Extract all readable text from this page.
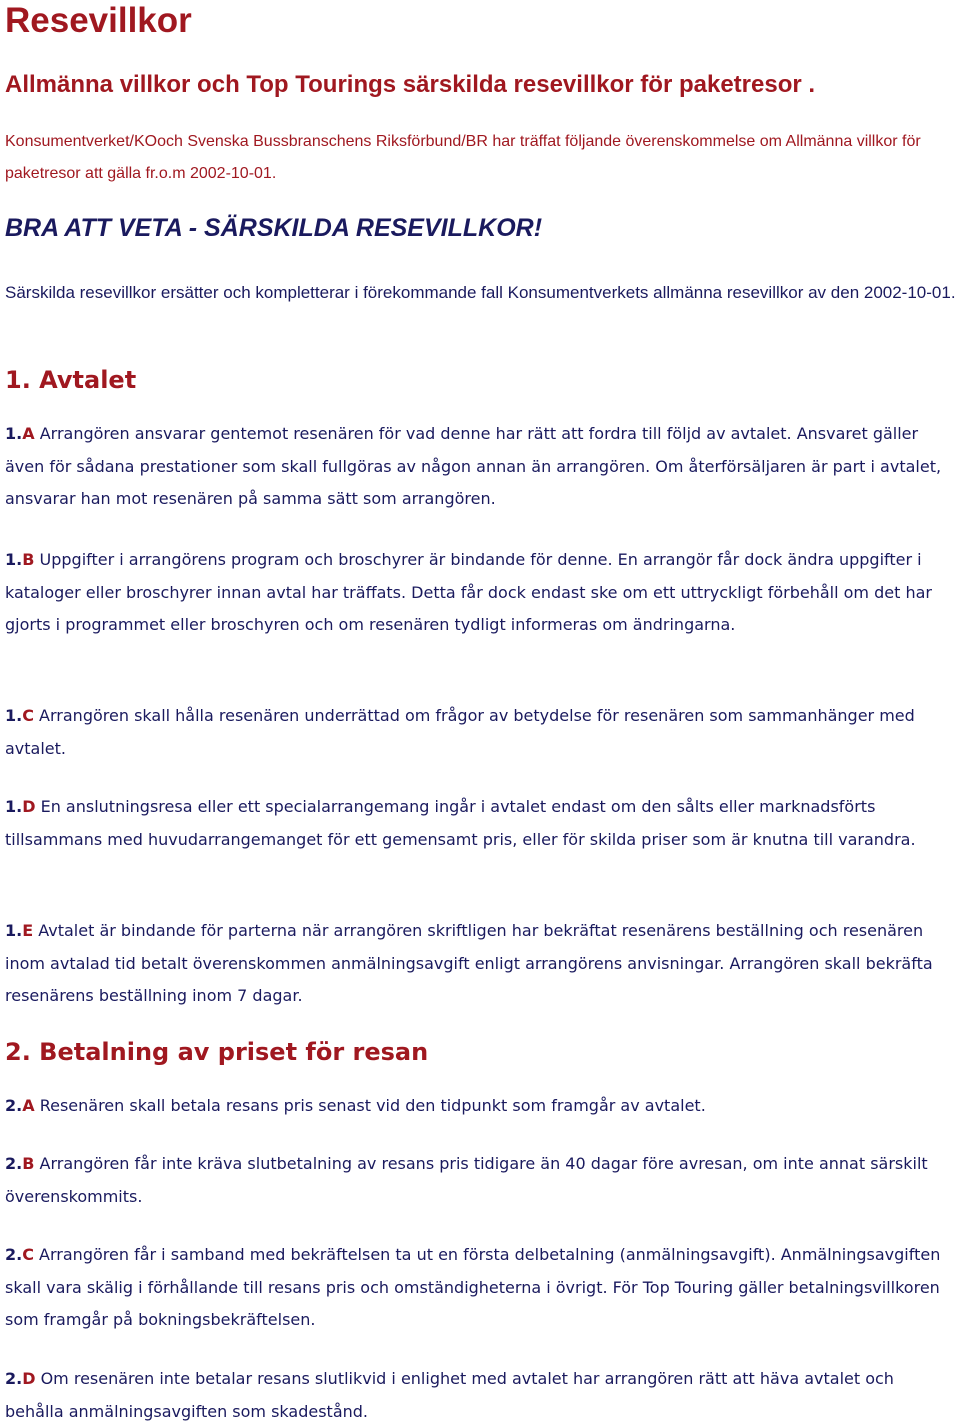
Resevillkor
Allmänna villkor och Top Tourings särskilda resevillkor för paketresor .

Konsumentverket/KOoch Svenska Bussbranschens Riksförbund/BR har träffat följande överenskommelse om Allmänna villkor för paketresor att gälla fr.o.m 2002-10-01.

BRA ATT VETA - SÄRSKILDA RESEVILLKOR!

Särskilda resevillkor ersätter och kompletterar i förekommande fall Konsumentverkets allmänna resevillkor av den 2002-10-01.

1. Avtalet

1.A Arrangören ansvarar gentemot resenären för vad denne har rätt att fordra till följd av avtalet. Ansvaret gäller även för sådana prestationer som skall fullgöras av någon annan än arrangören. Om återförsäljaren är part i avtalet, ansvarar han mot resenären på samma sätt som arrangören.

1.B Uppgifter i arrangörens program och broschyrer är bindande för denne. En arrangör får dock ändra uppgifter i kataloger eller broschyrer innan avtal har träffats. Detta får dock endast ske om ett uttryckligt förbehåll om det har gjorts i programmet eller broschyren och om resenären tydligt informeras om ändringarna.

1.C Arrangören skall hålla resenären underrättad om frågor av betydelse för resenären som sammanhänger med avtalet.

1.D En anslutningsresa eller ett specialarrangemang ingår i avtalet endast om den sålts eller marknadsförts tillsammans med huvudarrangemanget för ett gemensamt pris, eller för skilda priser som är knutna till varandra.

1.E Avtalet är bindande för parterna när arrangören skriftligen har bekräftat resenärens beställning och resenären inom avtalad tid betalt överenskommen anmälningsavgift enligt arrangörens anvisningar. Arrangören skall bekräfta resenärens beställning inom 7 dagar.

2. Betalning av priset för resan

2.A Resenären skall betala resans pris senast vid den tidpunkt som framgår av avtalet.

2.B Arrangören får inte kräva slutbetalning av resans pris tidigare än 40 dagar före avresan, om inte annat särskilt överenskommits.

2.C Arrangören får i samband med bekräftelsen ta ut en första delbetalning (anmälningsavgift). Anmälningsavgiften skall vara skälig i förhållande till resans pris och omständigheterna i övrigt. För Top Touring gäller betalningsvillkoren som framgår på bokningsbekräftelsen.

2.D Om resenären inte betalar resans slutlikvid i enlighet med avtalet har arrangören rätt att häva avtalet och behålla anmälningsavgiften som skadestånd.
